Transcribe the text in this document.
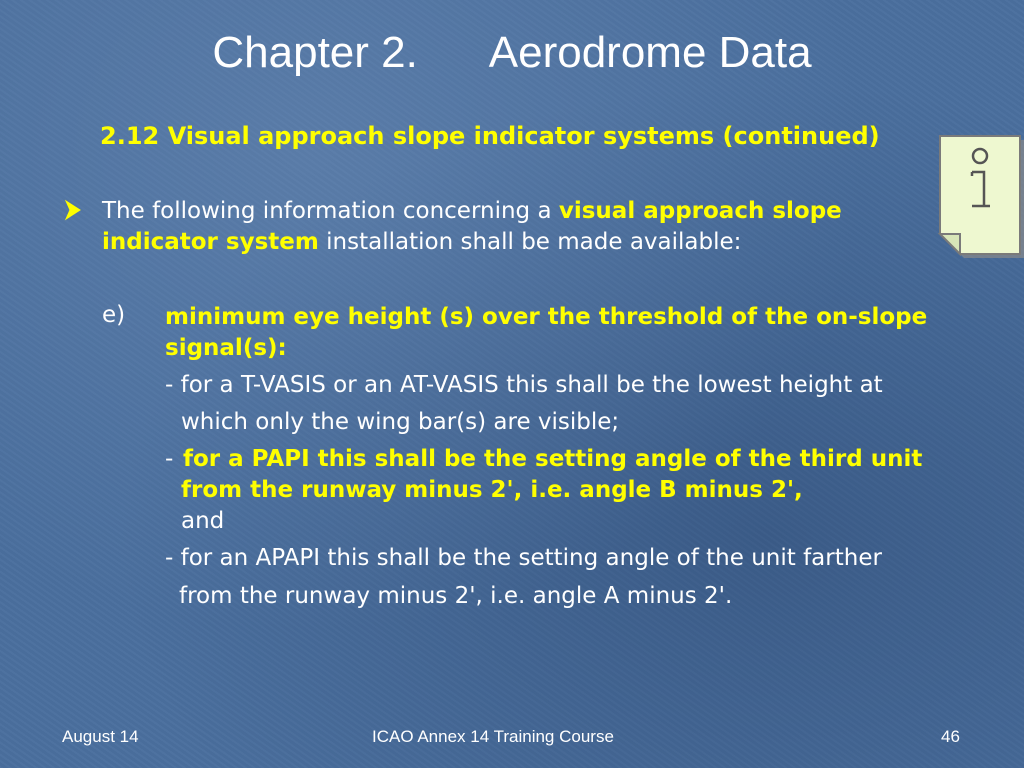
Chapter 2.      Aerodrome Data
2.12 Visual approach slope indicator systems (continued)
The following information concerning a visual approach slope indicator system installation shall be made available:
e) minimum eye height (s) over the threshold of the on-slope signal(s):
- for a T-VASIS or an AT-VASIS this shall be the lowest height at
which only the wing bar(s) are visible;
- for a PAPI this shall be the setting angle of the third unit from the runway minus 2', i.e. angle B minus 2',
and
- for an APAPI this shall be the setting angle of the unit farther
from the runway minus 2', i.e. angle A minus 2'.
August 14	ICAO Annex 14 Training Course	46
